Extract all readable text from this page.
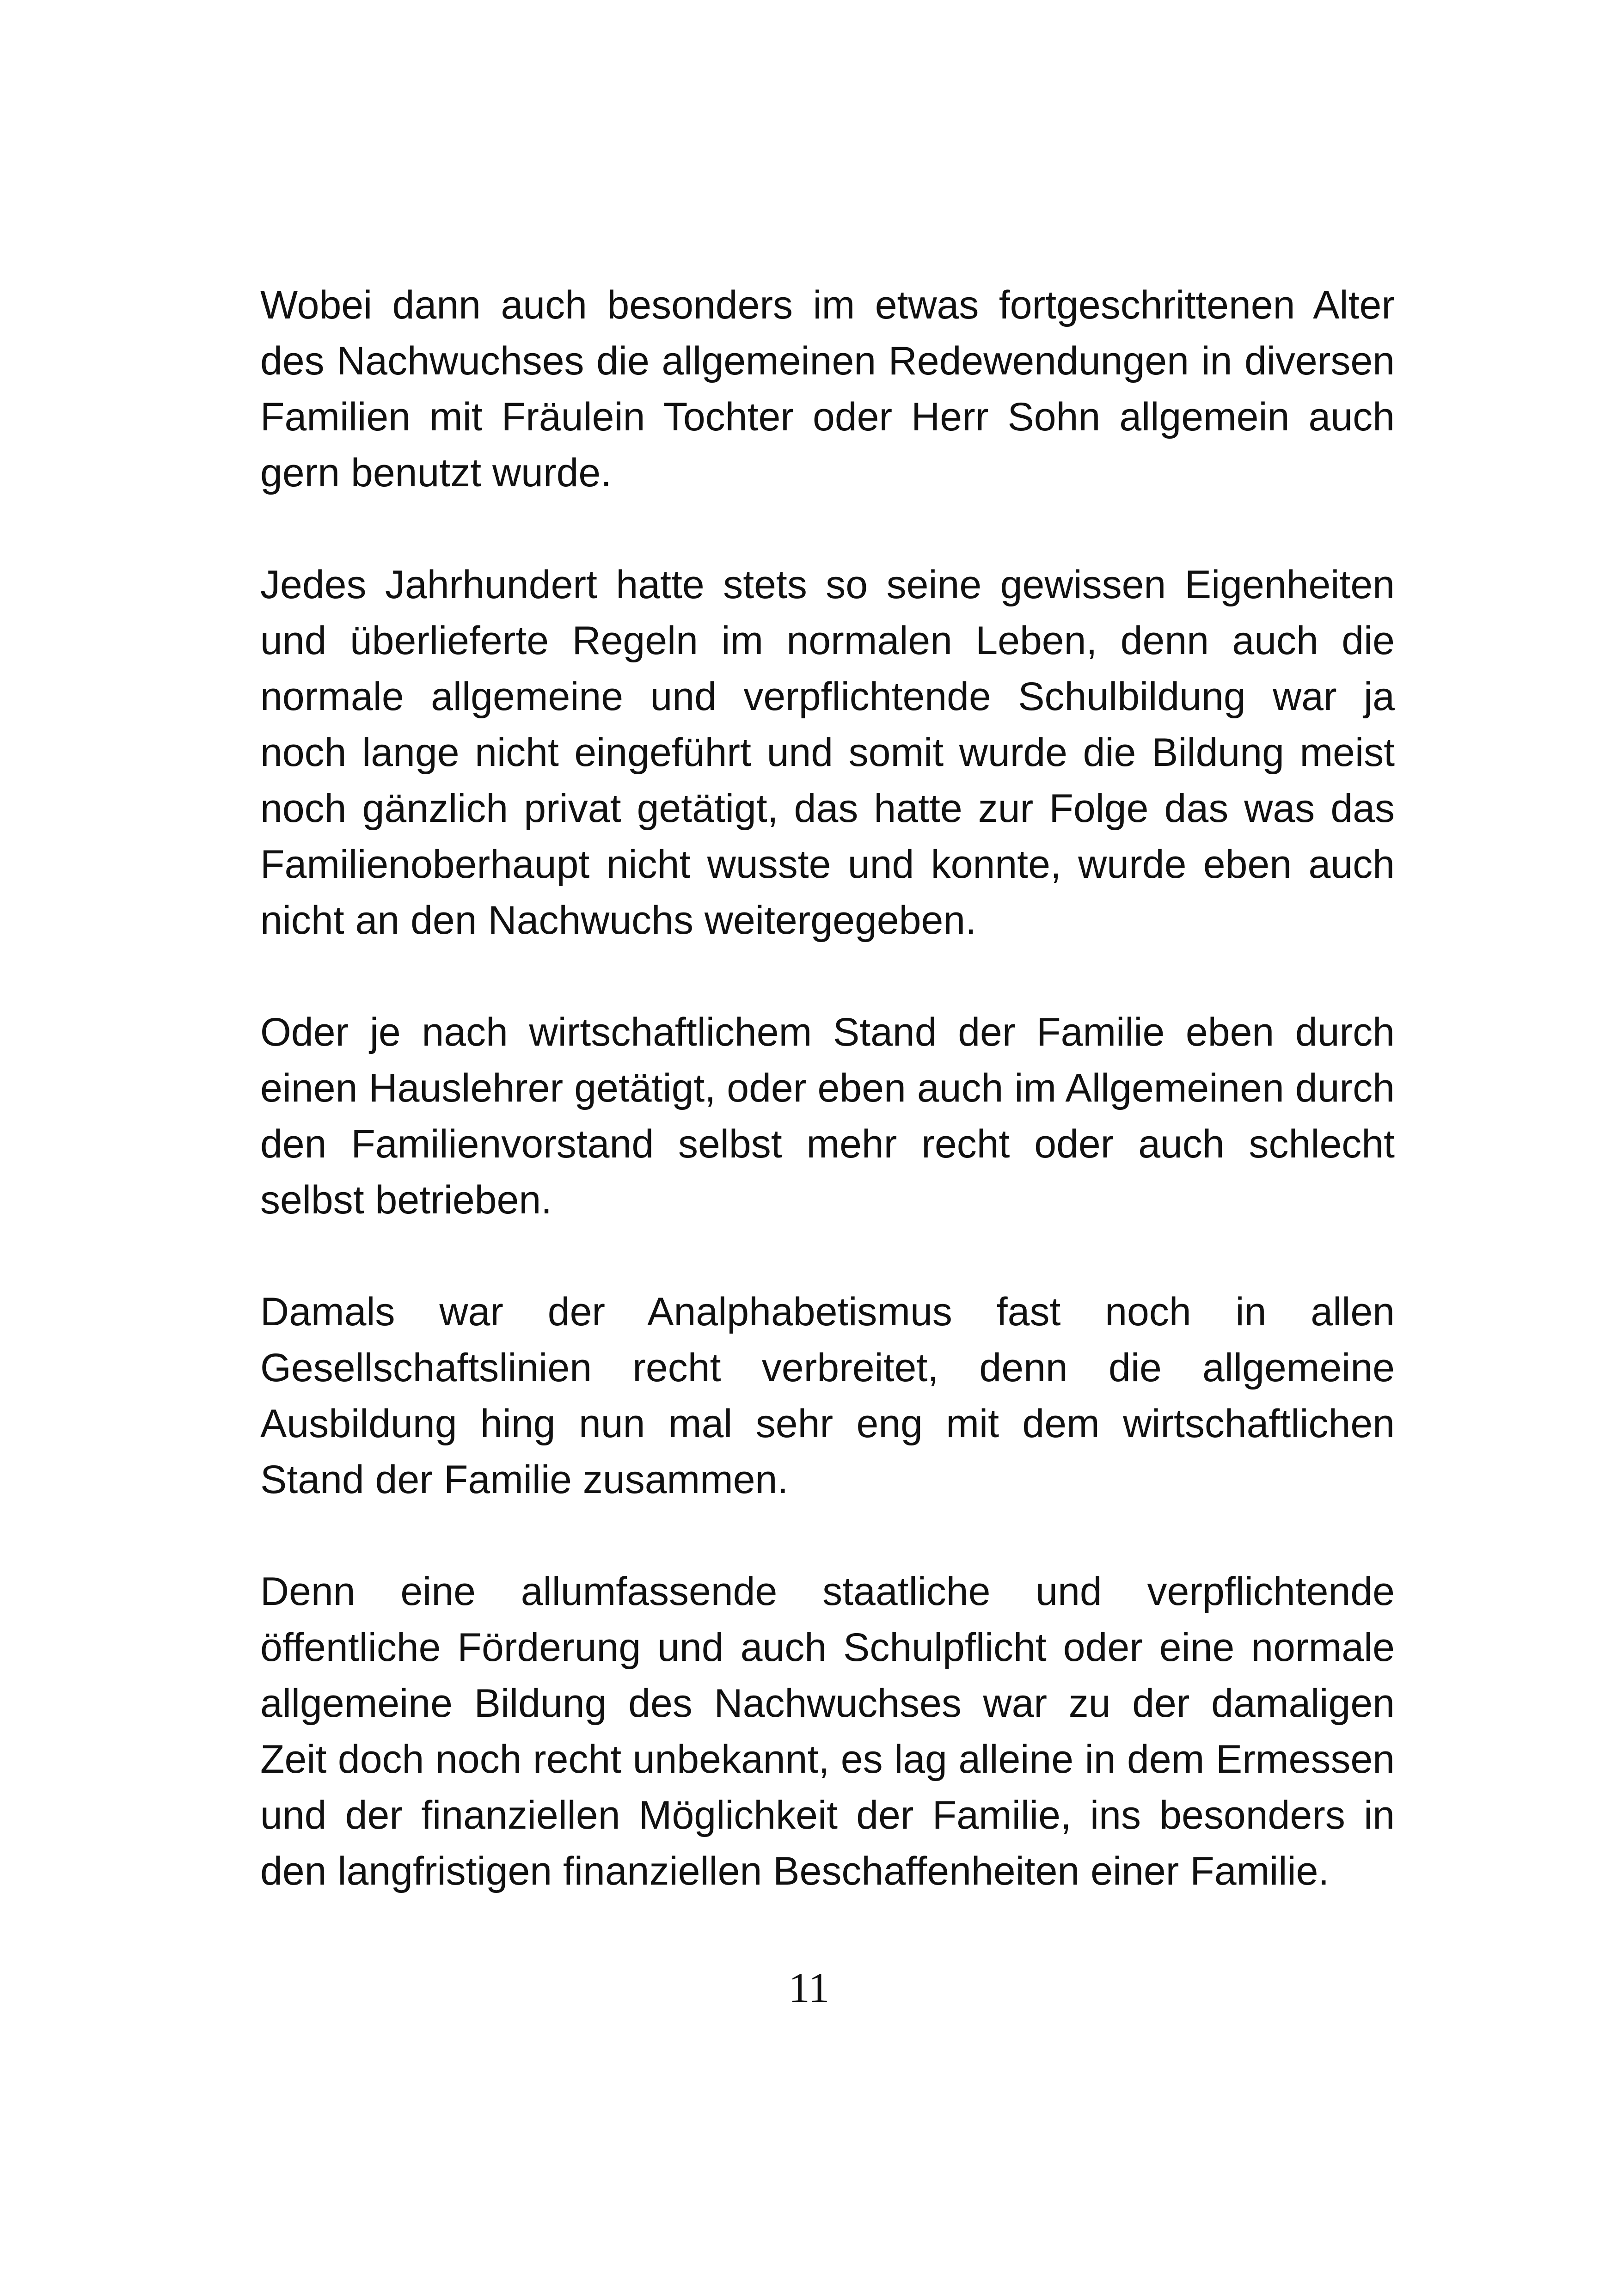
Wobei dann auch besonders im etwas fortgeschrittenen Alter des Nachwuchses die allgemeinen Redewendungen in diversen Familien mit Fräulein Tochter oder Herr Sohn allgemein auch gern benutzt wurde.

Jedes Jahrhundert hatte stets so seine gewissen Eigenheiten und überlieferte Regeln im normalen Leben, denn auch die normale allgemeine und verpflichtende Schulbildung war ja noch lange nicht eingeführt und somit wurde die Bildung meist noch gänzlich privat getätigt, das hatte zur Folge das was das Familienoberhaupt nicht wusste und konnte, wurde eben auch nicht an den Nachwuchs weitergegeben.

Oder je nach wirtschaftlichem Stand der Familie eben durch einen Hauslehrer getätigt, oder eben auch im Allgemeinen durch den Familienvorstand selbst mehr recht oder auch schlecht selbst betrieben.

Damals war der Analphabetismus fast noch in allen Gesellschaftslinien recht verbreitet, denn die allgemeine Ausbildung hing nun mal sehr eng mit dem wirtschaftlichen Stand der Familie zusammen.

Denn eine allumfassende staatliche und verpflichtende öffentliche Förderung und auch Schulpflicht oder eine normale allgemeine Bildung des Nachwuchses war zu der damaligen Zeit doch noch recht unbekannt, es lag alleine in dem Ermessen und der finanziellen Möglichkeit der Familie, ins besonders in den langfristigen finanziellen Beschaffenheiten einer Familie.

11
